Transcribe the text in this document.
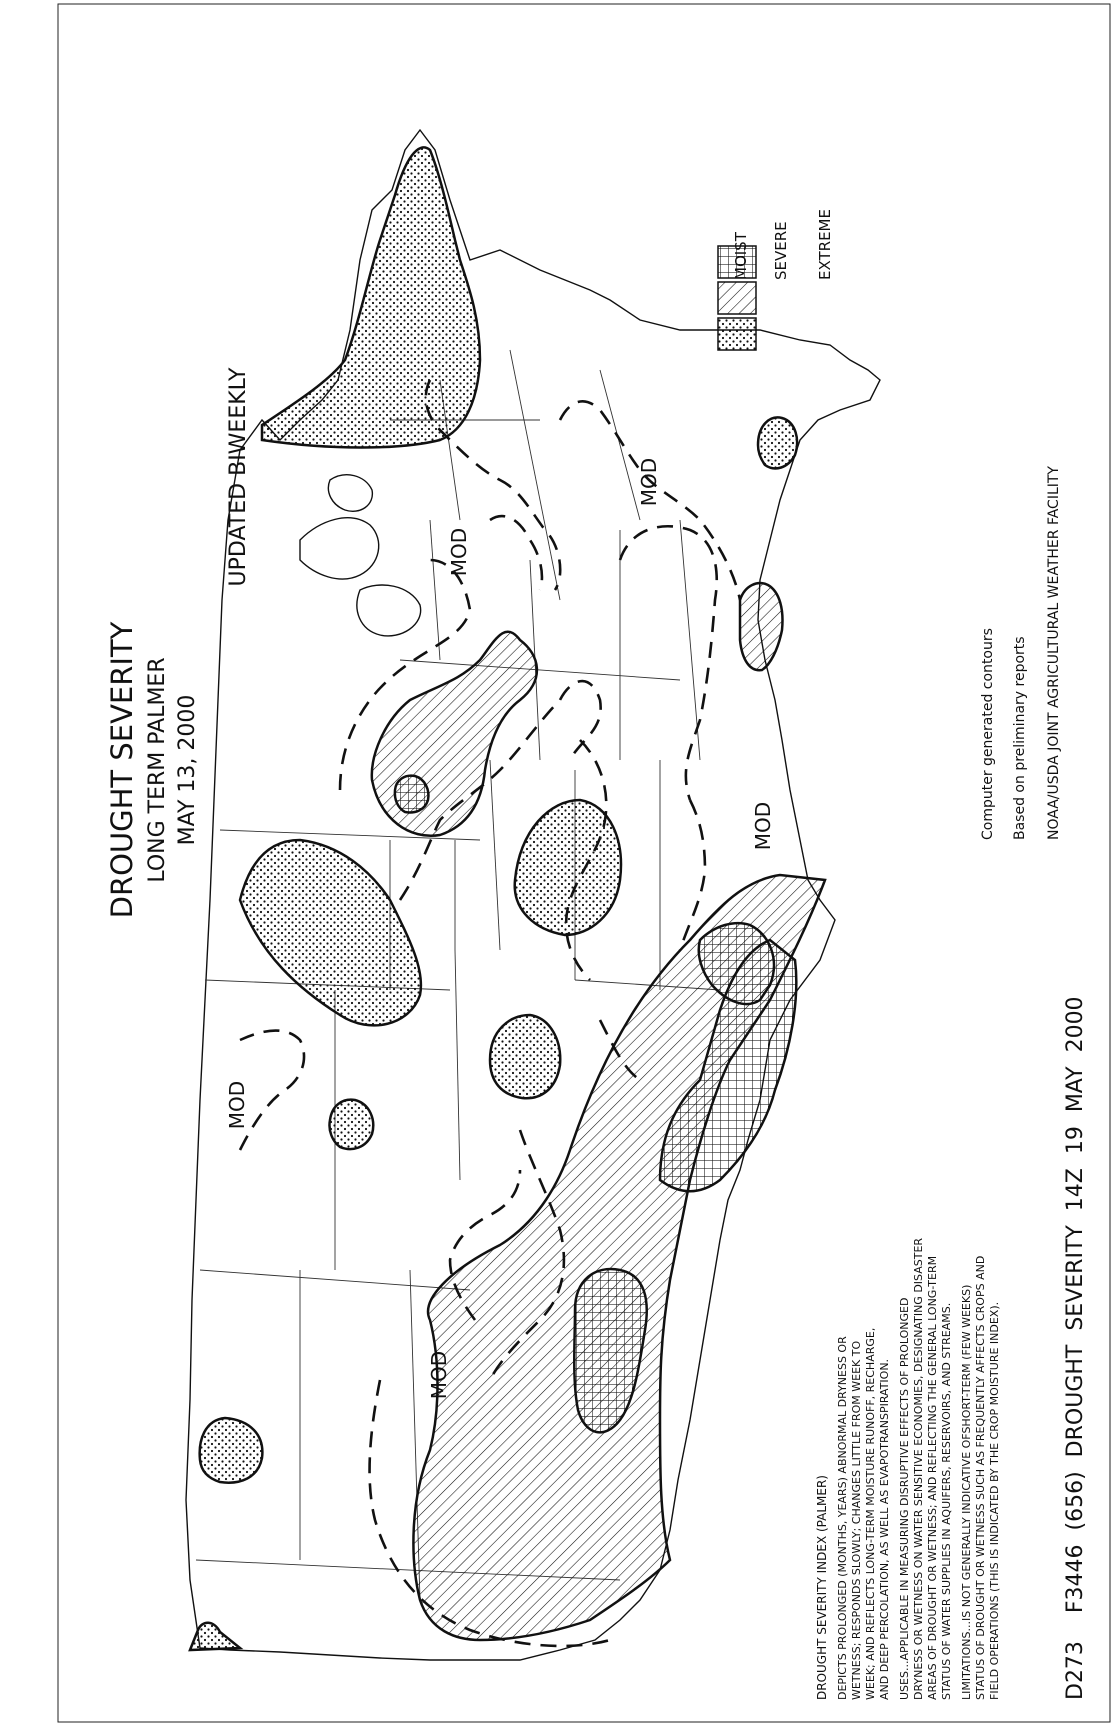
MOD
MOD
MOD
MOD
MOD
DROUGHT SEVERITY LONG TERM PALMER MAY 13, 2000
UPDATED BIWEEKLY
MOIST SEVERE EXTREME
Computer generated contours Based on preliminary reports NOAA/USDA JOINT AGRICULTURAL WEATHER FACILITY
DROUGHT SEVERITY INDEX (PALMER) DEPICTS PROLONGED (MONTHS, YEARS) ABNORMAL DRYNESS OR WETNESS; RESPONDS SLOWLY; CHANGES LITTLE FROM WEEK TO WEEK; AND REFLECTS LONG-TERM MOISTURE RUNOFF, RECHARGE, AND DEEP PERCOLATION, AS WELL AS EVAPOTRANSPIRATION. USES...APPLICABLE IN MEASURING DISRUPTIVE EFFECTS OF PROLONGED DRYNESS OR WETNESS ON WATER SENSITIVE ECONOMIES, DESIGNATING DISASTER AREAS OF DROUGHT OR WETNESS; AND REFLECTING THE GENERAL LONG-TERM STATUS OF WATER SUPPLIES IN AQUIFERS, RESERVOIRS, AND STREAMS. LIMITATIONS...IS NOT GENERALLY INDICATIVE OFSHORT-TERM (FEW WEEKS) STATUS OF DROUGHT OR WETNESS SUCH AS FREQUENTLY AFFECTS CROPS AND FIELD OPERATIONS (THIS IS INDICATED BY THE CROP MOISTURE INDEX).	D273    F3446  (656)  DROUGHT  SEVERITY  14Z  19  MAY  2000
